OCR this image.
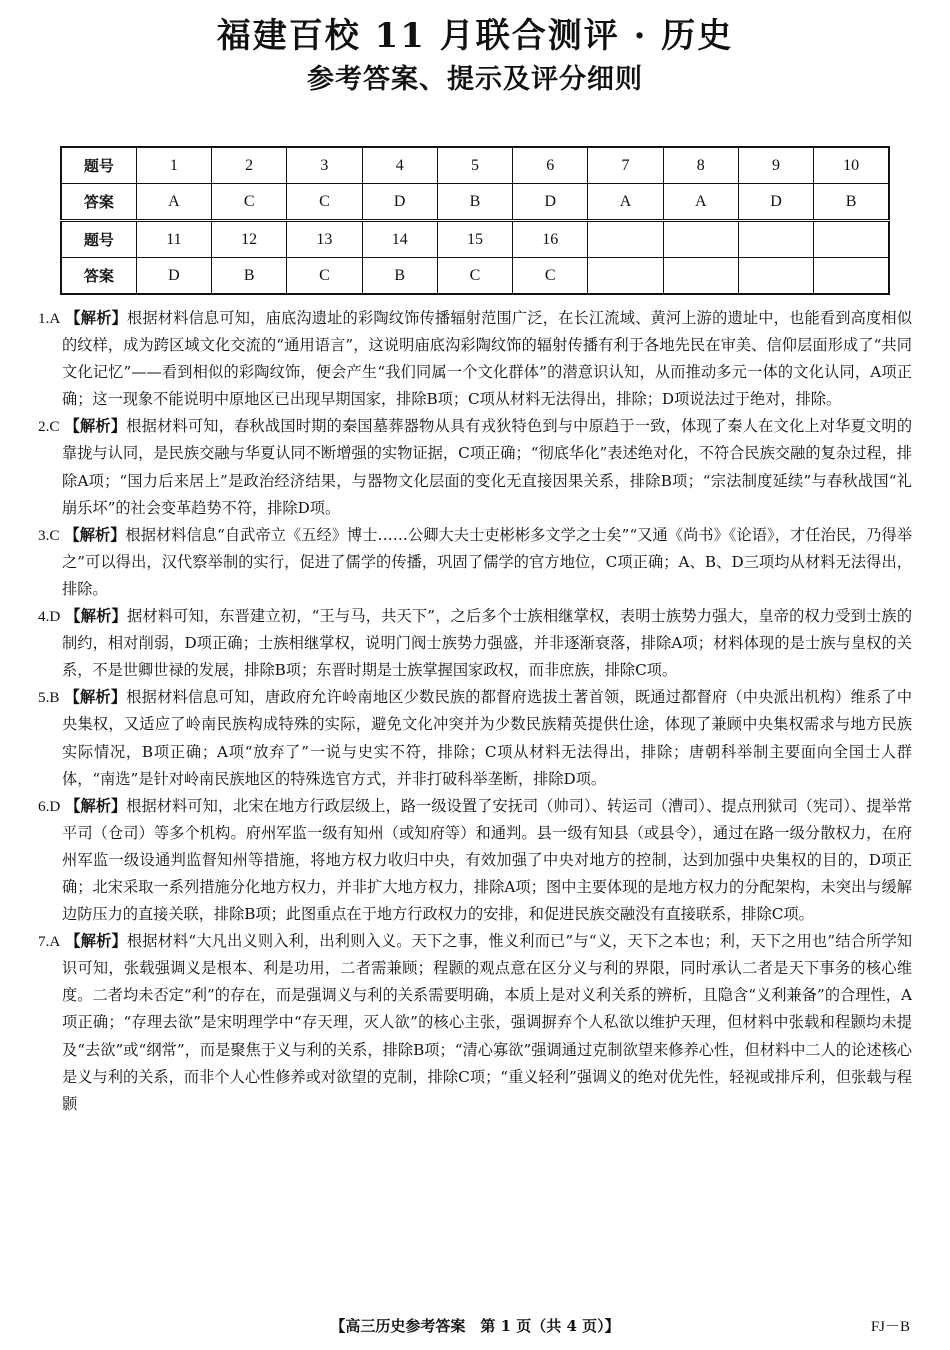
福建百校 11 月联合测评 · 历史
参考答案、提示及评分细则
题号	1	2	3	4	5	6	7	8	9	10
答案	A	C	C	D	B	D	A	A	D	B
题号	11	12	13	14	15	16				
答案	D	B	C	B	C	C				

1.A 【解析】根据材料信息可知，庙底沟遗址的彩陶纹饰传播辐射范围广泛，在长江流域、黄河上游的遗址中，也能看到高度相似的纹样，成为跨区域文化交流的“通用语言”，这说明庙底沟彩陶纹饰的辐射传播有利于各地先民在审美、信仰层面形成了“共同文化记忆”——看到相似的彩陶纹饰，便会产生“我们同属一个文化群体”的潜意识认知，从而推动多元一体的文化认同，A项正确；这一现象不能说明中原地区已出现早期国家，排除B项；C项从材料无法得出，排除；D项说法过于绝对，排除。

2.C 【解析】根据材料可知，春秋战国时期的秦国墓葬器物从具有戎狄特色到与中原趋于一致，体现了秦人在文化上对华夏文明的靠拢与认同，是民族交融与华夏认同不断增强的实物证据，C项正确；“彻底华化”表述绝对化，不符合民族交融的复杂过程，排除A项；“国力后来居上”是政治经济结果，与器物文化层面的变化无直接因果关系，排除B项；“宗法制度延续”与春秋战国“礼崩乐坏”的社会变革趋势不符，排除D项。

3.C 【解析】根据材料信息“自武帝立《五经》博士……公卿大夫士吏彬彬多文学之士矣”“又通《尚书》《论语》，才任治民，乃得举之”可以得出，汉代察举制的实行，促进了儒学的传播，巩固了儒学的官方地位，C项正确；A、B、D三项均从材料无法得出，排除。

4.D 【解析】据材料可知，东晋建立初，“王与马，共天下”，之后多个士族相继掌权，表明士族势力强大，皇帝的权力受到士族的制约，相对削弱，D项正确；士族相继掌权，说明门阀士族势力强盛，并非逐渐衰落，排除A项；材料体现的是士族与皇权的关系，不是世卿世禄的发展，排除B项；东晋时期是士族掌握国家政权，而非庶族，排除C项。

5.B 【解析】根据材料信息可知，唐政府允许岭南地区少数民族的都督府选拔土著首领，既通过都督府（中央派出机构）维系了中央集权，又适应了岭南民族构成特殊的实际，避免文化冲突并为少数民族精英提供仕途，体现了兼顾中央集权需求与地方民族实际情况，B项正确；A项“放弃了”一说与史实不符，排除；C项从材料无法得出，排除；唐朝科举制主要面向全国士人群体，“南选”是针对岭南民族地区的特殊选官方式，并非打破科举垄断，排除D项。

6.D 【解析】根据材料可知，北宋在地方行政层级上，路一级设置了安抚司（帅司）、转运司（漕司）、提点刑狱司（宪司）、提举常平司（仓司）等多个机构。府州军监一级有知州（或知府等）和通判。县一级有知县（或县令），通过在路一级分散权力，在府州军监一级设通判监督知州等措施，将地方权力收归中央，有效加强了中央对地方的控制，达到加强中央集权的目的，D项正确；北宋采取一系列措施分化地方权力，并非扩大地方权力，排除A项；图中主要体现的是地方权力的分配架构，未突出与缓解边防压力的直接关联，排除B项；此图重点在于地方行政权力的安排，和促进民族交融没有直接联系，排除C项。

7.A 【解析】根据材料“大凡出义则入利，出利则入义。天下之事，惟义利而已”与“义，天下之本也；利，天下之用也”结合所学知识可知，张载强调义是根本、利是功用，二者需兼顾；程颢的观点意在区分义与利的界限，同时承认二者是天下事务的核心维度。二者均未否定“利”的存在，而是强调义与利的关系需要明确，本质上是对义利关系的辨析，且隐含“义利兼备”的合理性，A项正确；“存理去欲”是宋明理学中“存天理，灭人欲”的核心主张，强调摒弃个人私欲以维护天理，但材料中张载和程颢均未提及“去欲”或“纲常”，而是聚焦于义与利的关系，排除B项；“清心寡欲”强调通过克制欲望来修养心性，但材料中二人的论述核心是义与利的关系，而非个人心性修养或对欲望的克制，排除C项；“重义轻利”强调义的绝对优先性，轻视或排斥利，但张载与程颢

【高三历史参考答案　第 1 页（共 4 页）】	FJ－B
